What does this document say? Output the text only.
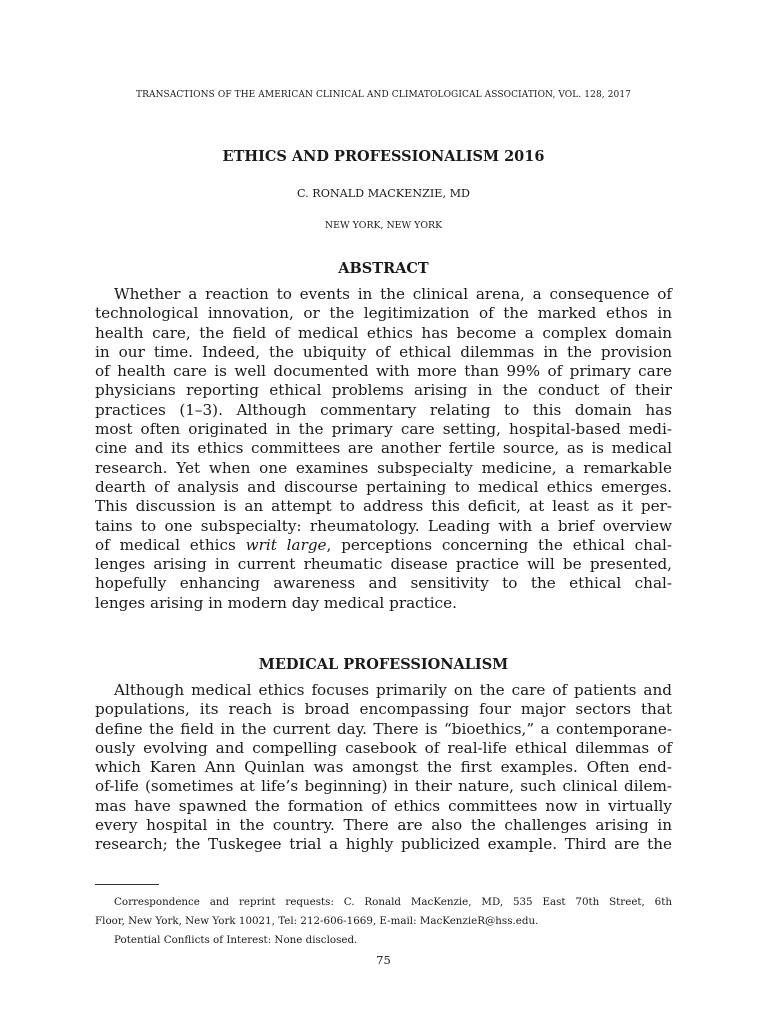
TRANSACTIONS OF THE AMERICAN CLINICAL AND CLIMATOLOGICAL ASSOCIATION, VOL. 128, 2017
ETHICS AND PROFESSIONALISM 2016
C. RONALD MACKENZIE, MD
NEW YORK, NEW YORK
ABSTRACT
Whether a reaction to events in the clinical arena, a consequence of
technological innovation, or the legitimization of the marked ethos in
health care, the field of medical ethics has become a complex domain
in our time. Indeed, the ubiquity of ethical dilemmas in the provision
of health care is well documented with more than 99% of primary care
physicians reporting ethical problems arising in the conduct of their
practices (1–3). Although commentary relating to this domain has
most often originated in the primary care setting, hospital-based medi-
cine and its ethics committees are another fertile source, as is medical
research. Yet when one examines subspecialty medicine, a remarkable
dearth of analysis and discourse pertaining to medical ethics emerges.
This discussion is an attempt to address this deficit, at least as it per-
tains to one subspecialty: rheumatology. Leading with a brief overview
of medical ethics writ large, perceptions concerning the ethical chal-
lenges arising in current rheumatic disease practice will be presented,
hopefully enhancing awareness and sensitivity to the ethical chal-
lenges arising in modern day medical practice.
MEDICAL PROFESSIONALISM
Although medical ethics focuses primarily on the care of patients and
populations, its reach is broad encompassing four major sectors that
define the field in the current day. There is “bioethics,” a contemporane-
ously evolving and compelling casebook of real-life ethical dilemmas of
which Karen Ann Quinlan was amongst the first examples. Often end-
of-life (sometimes at life’s beginning) in their nature, such clinical dilem-
mas have spawned the formation of ethics committees now in virtually
every hospital in the country. There are also the challenges arising in
research; the Tuskegee trial a highly publicized example. Third are the
Correspondence and reprint requests: C. Ronald MacKenzie, MD, 535 East 70th Street, 6th
Floor, New York, New York 10021, Tel: 212-606-1669, E-mail: MacKenzieR@hss.edu.
Potential Conflicts of Interest: None disclosed.
75
